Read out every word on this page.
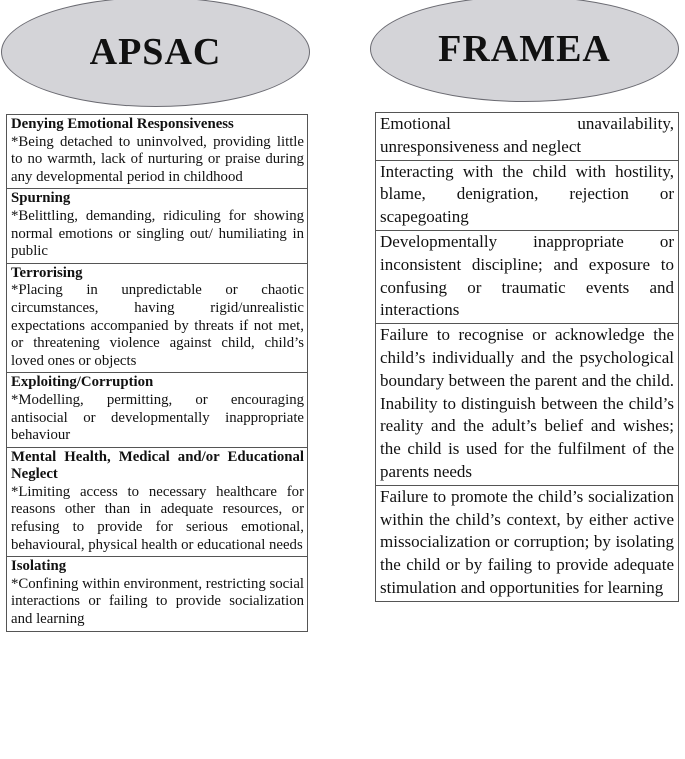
APSAC	FRAMEA
Denying Emotional Responsiveness
*Being detached to uninvolved, providing little to no warmth, lack of nurturing or praise during any developmental period in childhood
Spurning
*Belittling, demanding, ridiculing for showing normal emotions or singling out/ humiliating in public
Terrorising
*Placing in unpredictable or chaotic circumstances, having rigid/unrealistic expectations accompanied by threats if not met, or threatening violence against child, child’s loved ones or objects
Exploiting/Corruption
*Modelling, permitting, or encouraging antisocial or developmentally inappropriate behaviour
Mental Health, Medical and/or Educational Neglect
*Limiting access to necessary healthcare for reasons other than in adequate resources, or refusing to provide for serious emotional, behavioural, physical health or educational needs
Isolating
*Confining within environment, restricting social interactions or failing to provide socialization and learning
Emotional unavailability, unresponsiveness and neglect
Interacting with the child with hostility, blame, denigration, rejection or scapegoating
Developmentally inappropriate or inconsistent discipline; and exposure to confusing or traumatic events and interactions
Failure to recognise or acknowledge the child’s individually and the psychological boundary between the parent and the child. Inability to distinguish between the child’s reality and the adult’s belief and wishes; the child is used for the fulfilment of the parents needs
Failure to promote the child’s socialization within the child’s context, by either active missocialization or corruption; by isolating the child or by failing to provide adequate stimulation and opportunities for learning
